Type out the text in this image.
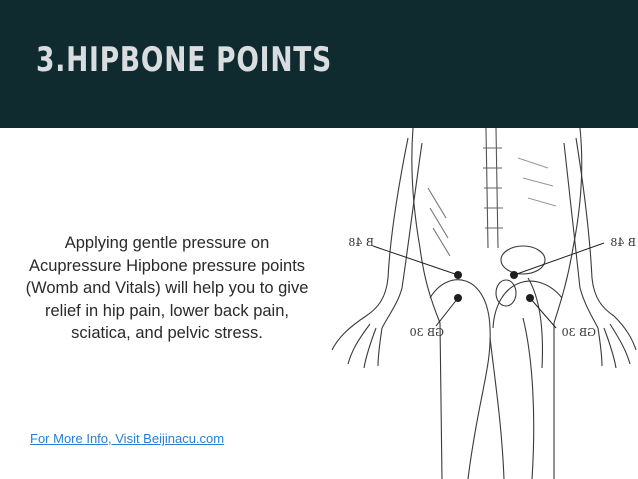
3.HIPBONE POINTS

Applying gentle pressure on Acupressure Hipbone pressure points (Womb and Vitals) will help you to give relief in hip pain, lower back pain, sciatica, and pelvic stress.

For More Info, Visit Beijinacu.com
B 48	B 48
GB 30	GB 30
